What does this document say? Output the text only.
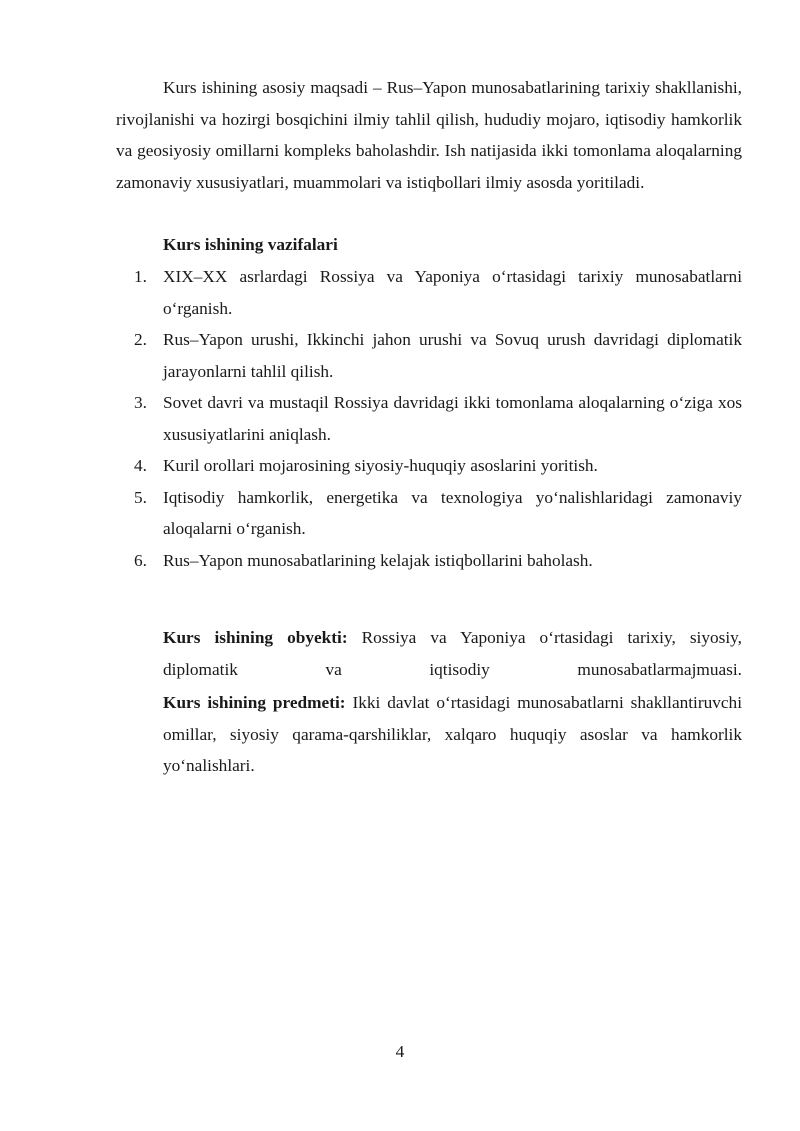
Kurs ishining asosiy maqsadi – Rus–Yapon munosabatlarining tarixiy shakllanishi, rivojlanishi va hozirgi bosqichini ilmiy tahlil qilish, hududiy mojaro, iqtisodiy hamkorlik va geosiyosiy omillarni kompleks baholashdir. Ish natijasida ikki tomonlama aloqalarning zamonaviy xususiyatlari, muammolari va istiqbollari ilmiy asosda yoritiladi.

Kurs ishining vazifalari

1. XIX–XX asrlardagi Rossiya va Yaponiya o‘rtasidagi tarixiy munosabatlarni o‘rganish.
2. Rus–Yapon urushi, Ikkinchi jahon urushi va Sovuq urush davridagi diplomatik jarayonlarni tahlil qilish.
3. Sovet davri va mustaqil Rossiya davridagi ikki tomonlama aloqalarning o‘ziga xos xususiyatlarini aniqlash.
4. Kuril orollari mojarosining siyosiy-huquqiy asoslarini yoritish.
5. Iqtisodiy hamkorlik, energetika va texnologiya yo‘nalishlaridagi zamonaviy aloqalarni o‘rganish.
6. Rus–Yapon munosabatlarining kelajak istiqbollarini baholash.

Kurs ishining obyekti: Rossiya va Yaponiya o‘rtasidagi tarixiy, siyosiy, diplomatik va iqtisodiy munosabatlarmajmuasi.

Kurs ishining predmeti: Ikki davlat o‘rtasidagi munosabatlarni shakllantiruvchi omillar, siyosiy qarama-qarshiliklar, xalqaro huquqiy asoslar va hamkorlik yo‘nalishlari.

4
